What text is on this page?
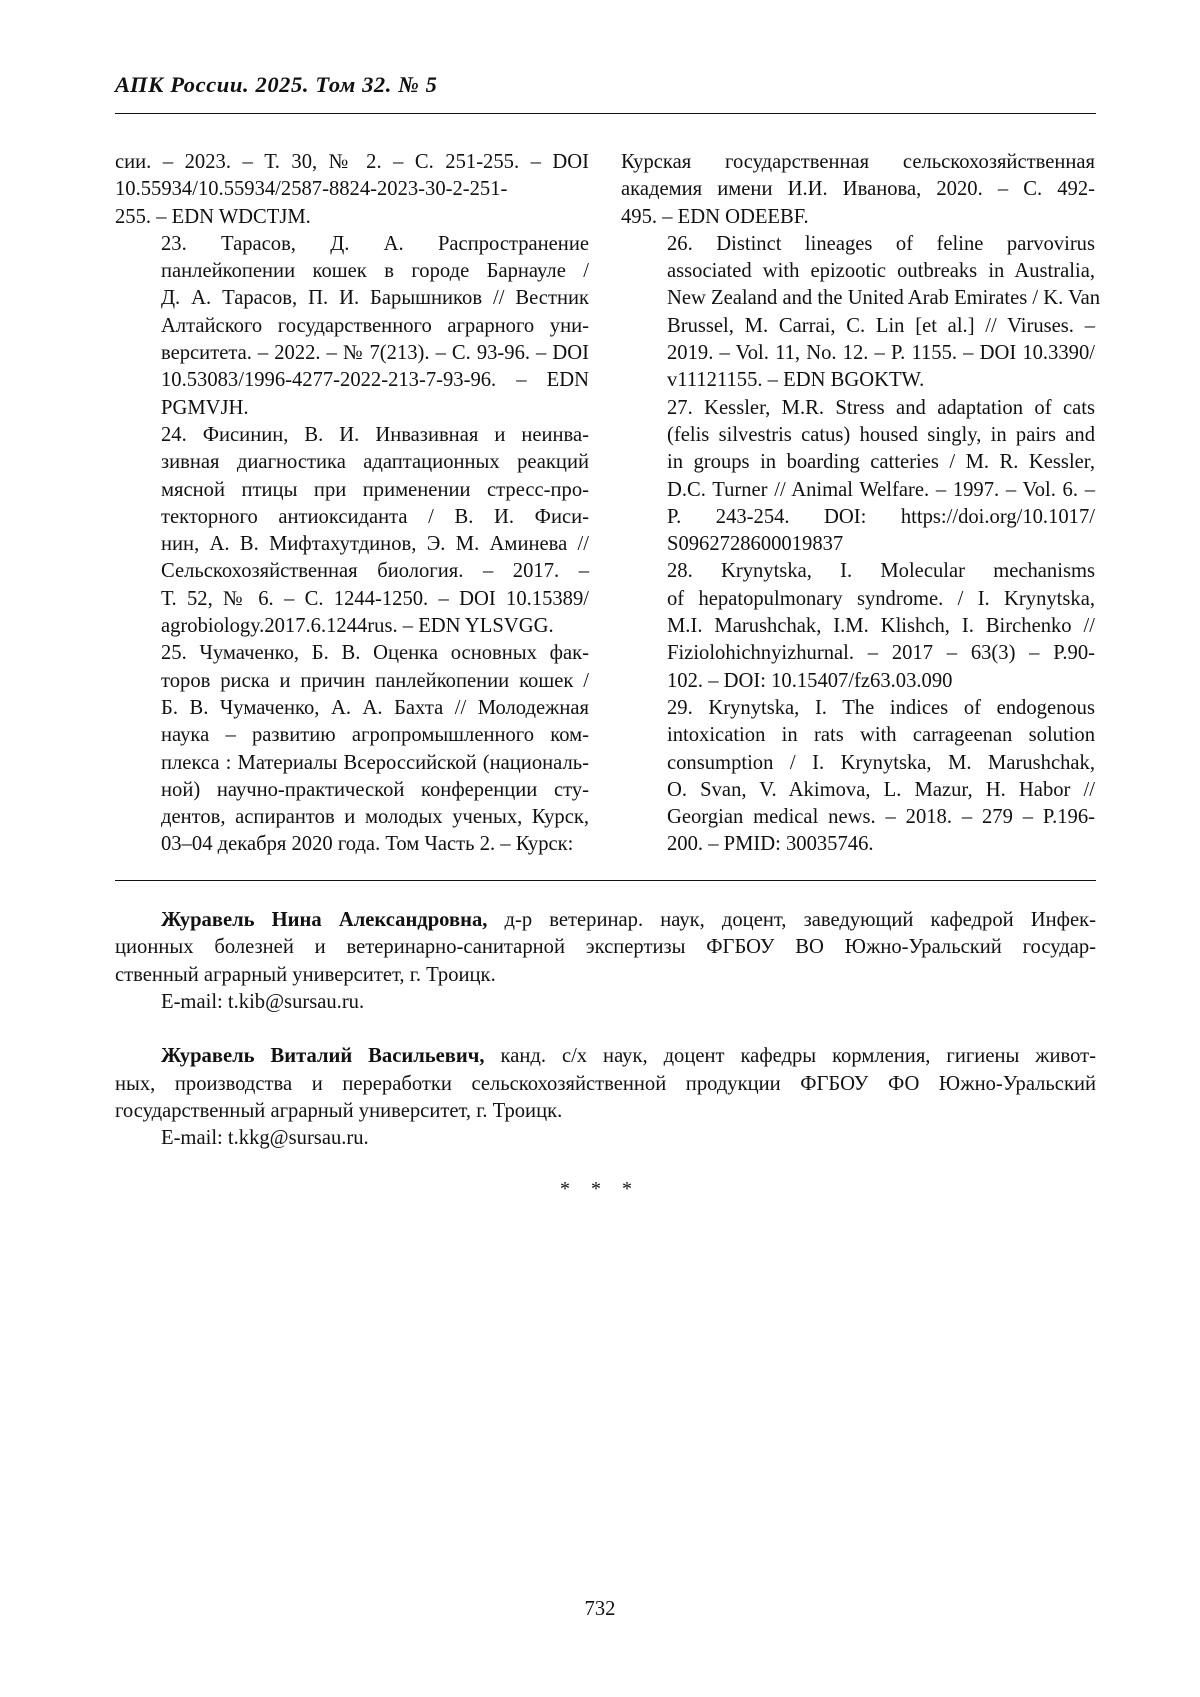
АПК России. 2025. Том 32. № 5

сии. – 2023. – Т. 30, № 2. – С. 251-255. – DOI
10.55934/10.55934/2587-8824-2023-30-2-251-
255. – EDN WDCTJM.

23. Тарасов, Д. А. Распространение
панлейкопении кошек в городе Барнауле /
Д. А. Тарасов, П. И. Барышников // Вестник
Алтайского государственного аграрного уни-
верситета. – 2022. – № 7(213). – С. 93-96. – DOI
10.53083/1996-4277-2022-213-7-93-96. – EDN
PGMVJH.

24. Фисинин, В. И. Инвазивная и неинва-
зивная диагностика адаптационных реакций
мясной птицы при применении стресс-про-
текторного антиоксиданта / В. И. Фиси-
нин, А. В. Мифтахутдинов, Э. М. Аминева //
Сельскохозяйственная биология. – 2017. –
Т. 52, № 6. – С. 1244-1250. – DOI 10.15389/
agrobiology.2017.6.1244rus. – EDN YLSVGG.

25. Чумаченко, Б. В. Оценка основных фак-
торов риска и причин панлейкопении кошек /
Б. В. Чумаченко, А. А. Бахта // Молодежная
наука – развитию агропромышленного ком-
плекса : Материалы Всероссийской (националь-
ной) научно-практической конференции сту-
дентов, аспирантов и молодых ученых, Курск,
03–04 декабря 2020 года. Том Часть 2. – Курск:

Курская государственная сельскохозяйственная
академия имени И.И. Иванова, 2020. – С. 492-
495. – EDN ODEEBF.

26. Distinct lineages of feline parvovirus
associated with epizootic outbreaks in Australia,
New Zealand and the United Arab Emirates / K. Van
Brussel, M. Carrai, C. Lin [et al.] // Viruses. –
2019. – Vol. 11, No. 12. – P. 1155. – DOI 10.3390/
v11121155. – EDN BGOKTW.

27. Kessler, M.R. Stress and adaptation of cats
(felis silvestris catus) housed singly, in pairs and
in groups in boarding catteries / M. R. Kessler,
D.C. Turner // Animal Welfare. – 1997. – Vol. 6. –
P. 243-254. DOI: https://doi.org/10.1017/
S0962728600019837

28. Krynytska, I. Molecular mechanisms
of hepatopulmonary syndrome. / I. Krynytska,
M.I. Marushchak, I.M. Klishch, I. Birchenko //
Fiziolohichnyizhurnal. – 2017 – 63(3) – P.90-
102. – DOI: 10.15407/fz63.03.090

29. Krynytska, I. The indices of endogenous
intoxication in rats with carrageenan solution
consumption / I. Krynytska, M. Marushchak,
O. Svan, V. Akimova, L. Mazur, H. Habor //
Georgian medical news. – 2018. – 279 – P.196-
200. – PMID: 30035746.

Журавель Нина Александровна, д-р ветеринар. наук, доцент, заведующий кафедрой Инфек-

ционных болезней и ветеринарно-санитарной экспертизы ФГБОУ ВО Южно-Уральский государ-
ственный аграрный университет, г. Троицк.

E-mail: t.kib@sursau.ru.

Журавель Виталий Васильевич, канд. с/х наук, доцент кафедры кормления, гигиены живот-

ных, производства и переработки сельскохозяйственной продукции ФГБОУ ФО Южно-Уральский
государственный аграрный университет, г. Троицк.

E-mail: t.kkg@sursau.ru.

* * *
732
